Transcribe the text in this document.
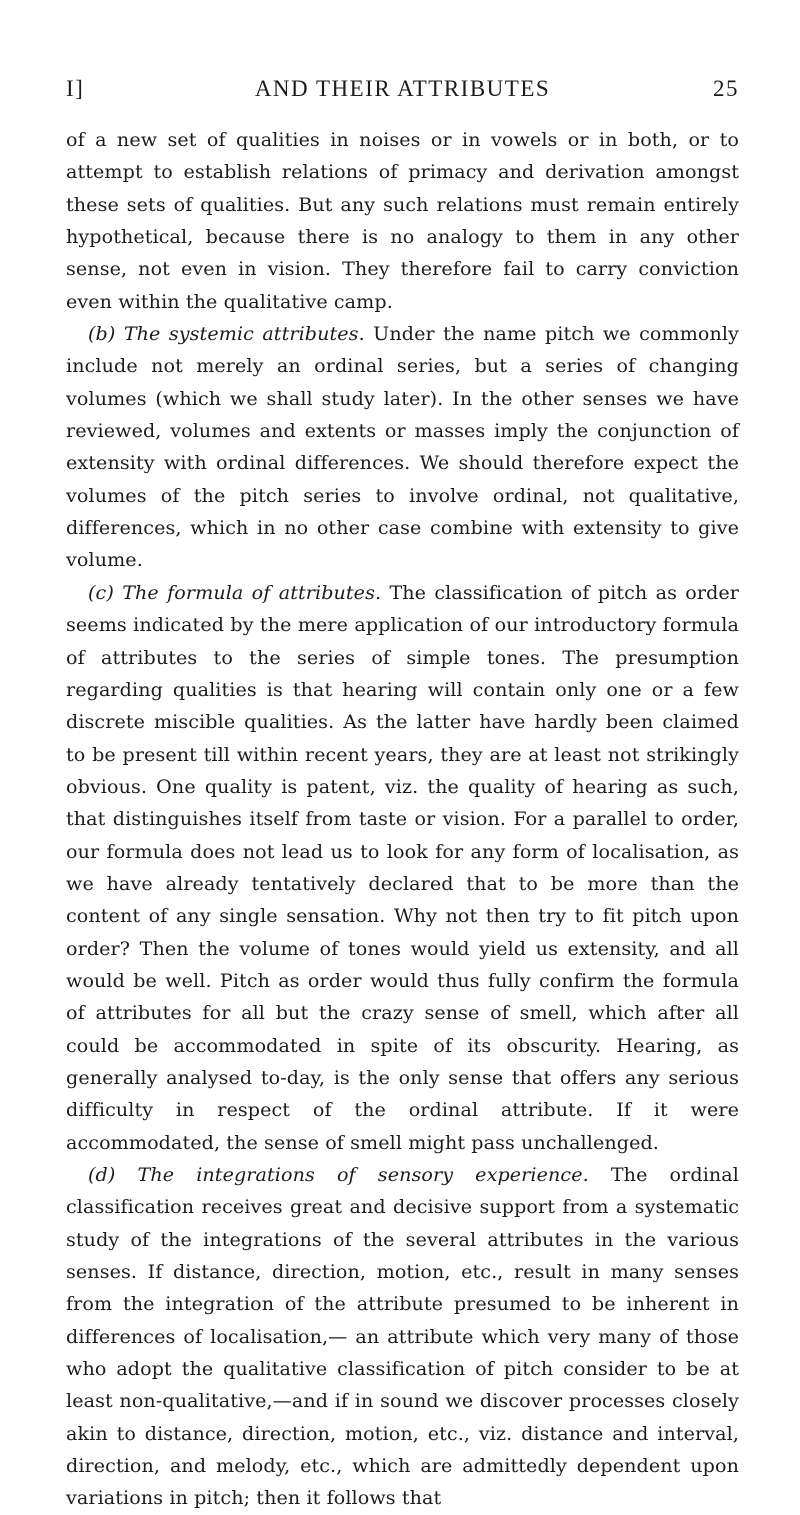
I]	AND THEIR ATTRIBUTES	25

of a new set of qualities in noises or in vowels or in both, or to attempt to establish relations of primacy and derivation amongst these sets of qualities. But any such relations must remain entirely hypothetical, because there is no analogy to them in any other sense, not even in vision. They therefore fail to carry conviction even within the qualitative camp.

(b) The systemic attributes. Under the name pitch we commonly include not merely an ordinal series, but a series of changing volumes (which we shall study later). In the other senses we have reviewed, volumes and extents or masses imply the conjunction of extensity with ordinal differences. We should therefore expect the volumes of the pitch series to involve ordinal, not qualitative, differences, which in no other case combine with extensity to give volume.

(c) The formula of attributes. The classification of pitch as order seems indicated by the mere application of our introductory formula of attributes to the series of simple tones. The presumption regarding qualities is that hearing will contain only one or a few discrete miscible qualities. As the latter have hardly been claimed to be present till within recent years, they are at least not strikingly obvious. One quality is patent, viz. the quality of hearing as such, that distinguishes itself from taste or vision. For a parallel to order, our formula does not lead us to look for any form of localisation, as we have already tentatively declared that to be more than the content of any single sensation. Why not then try to fit pitch upon order? Then the volume of tones would yield us extensity, and all would be well. Pitch as order would thus fully confirm the formula of attributes for all but the crazy sense of smell, which after all could be accommodated in spite of its obscurity. Hearing, as generally analysed to-day, is the only sense that offers any serious difficulty in respect of the ordinal attribute. If it were accommodated, the sense of smell might pass unchallenged.

(d) The integrations of sensory experience. The ordinal classification receives great and decisive support from a systematic study of the integrations of the several attributes in the various senses. If distance, direction, motion, etc., result in many senses from the integration of the attribute presumed to be inherent in differences of localisation,— an attribute which very many of those who adopt the qualitative classification of pitch consider to be at least non-qualitative,—and if in sound we discover processes closely akin to distance, direction, motion, etc., viz. distance and interval, direction, and melody, etc., which are admittedly dependent upon variations in pitch; then it follows that
